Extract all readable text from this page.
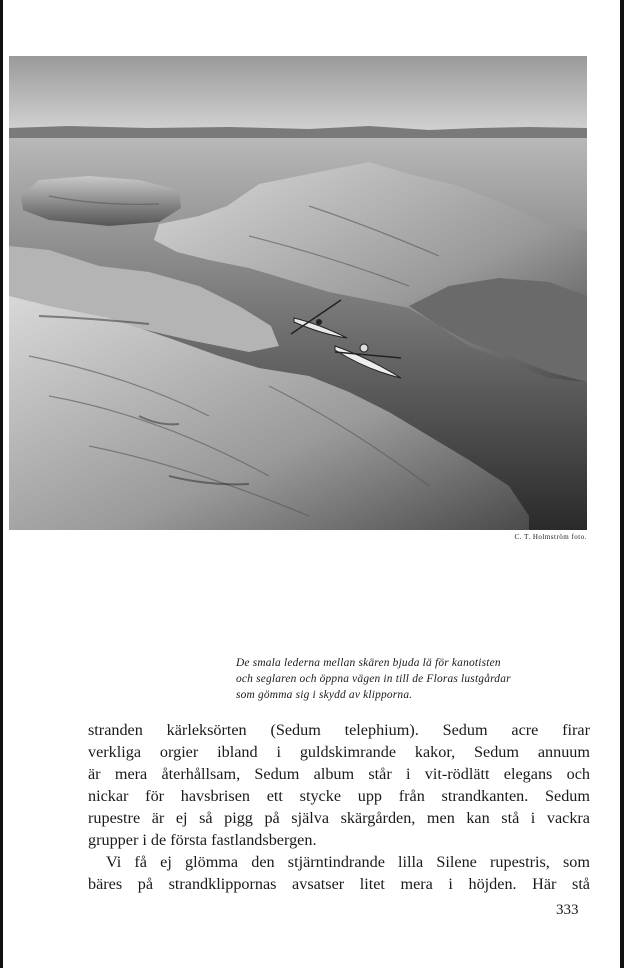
C. T. Holmström foto.
De smala lederna mellan skären bjuda lä för kanotisten
och seglaren och öppna vägen in till de Floras lustgårdar
som gömma sig i skydd av klipporna.
stranden kärleksörten (Sedum telephium). Sedum acre firar
verkliga orgier ibland i guldskimrande kakor, Sedum annuum
är mera återhållsam, Sedum album står i vit-rödlätt elegans och
nickar för havsbrisen ett stycke upp från strandkanten. Sedum
rupestre är ej så pigg på själva skärgården, men kan stå i vackra
grupper i de första fastlandsbergen.
Vi få ej glömma den stjärntindrande lilla Silene rupestris, som
bäres på strandklippornas avsatser litet mera i höjden. Här stå
333
